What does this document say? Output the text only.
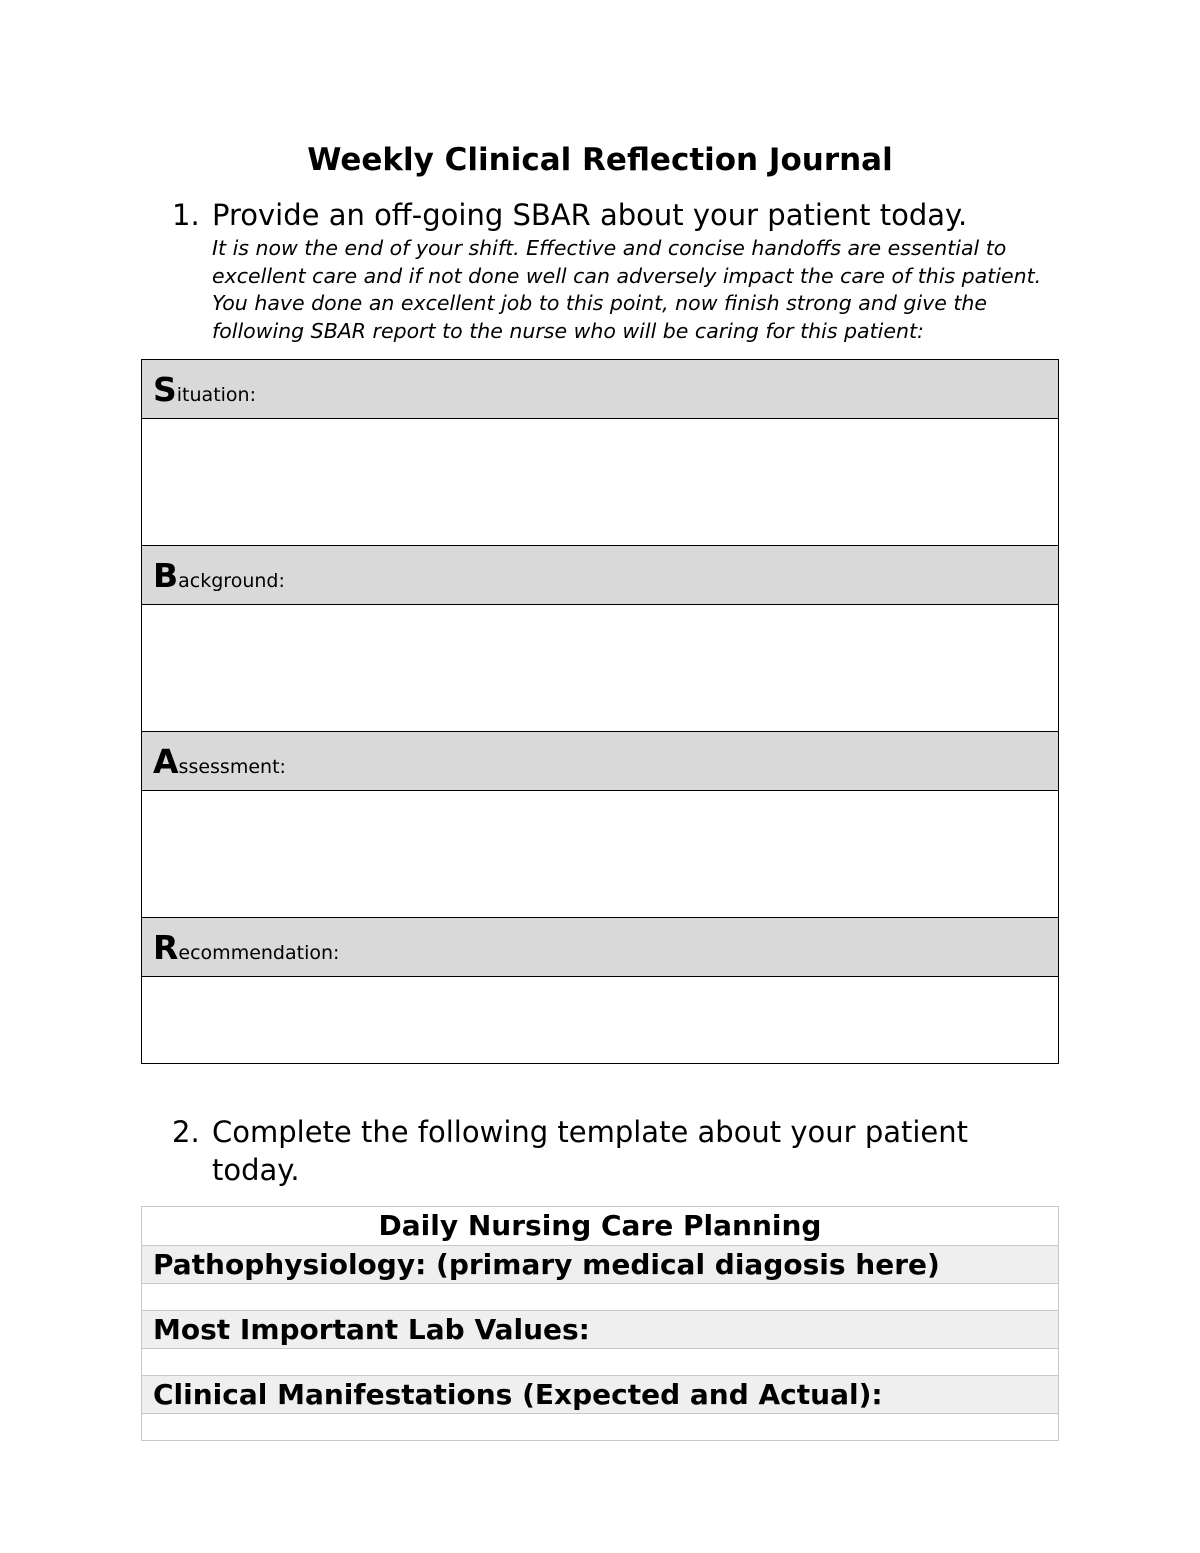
Weekly Clinical Reflection Journal
1. Provide an off-going SBAR about your patient today.
It is now the end of your shift. Effective and concise handoffs are essential to excellent care and if not done well can adversely impact the care of this patient. You have done an excellent job to this point, now finish strong and give the following SBAR report to the nurse who will be caring for this patient:
Situation:

Background:

Assessment:

Recommendation:

2. Complete the following template about your patient today.
Daily Nursing Care Planning
Pathophysiology: (primary medical diagosis here)

Most Important Lab Values:

Clinical Manifestations (Expected and Actual):
